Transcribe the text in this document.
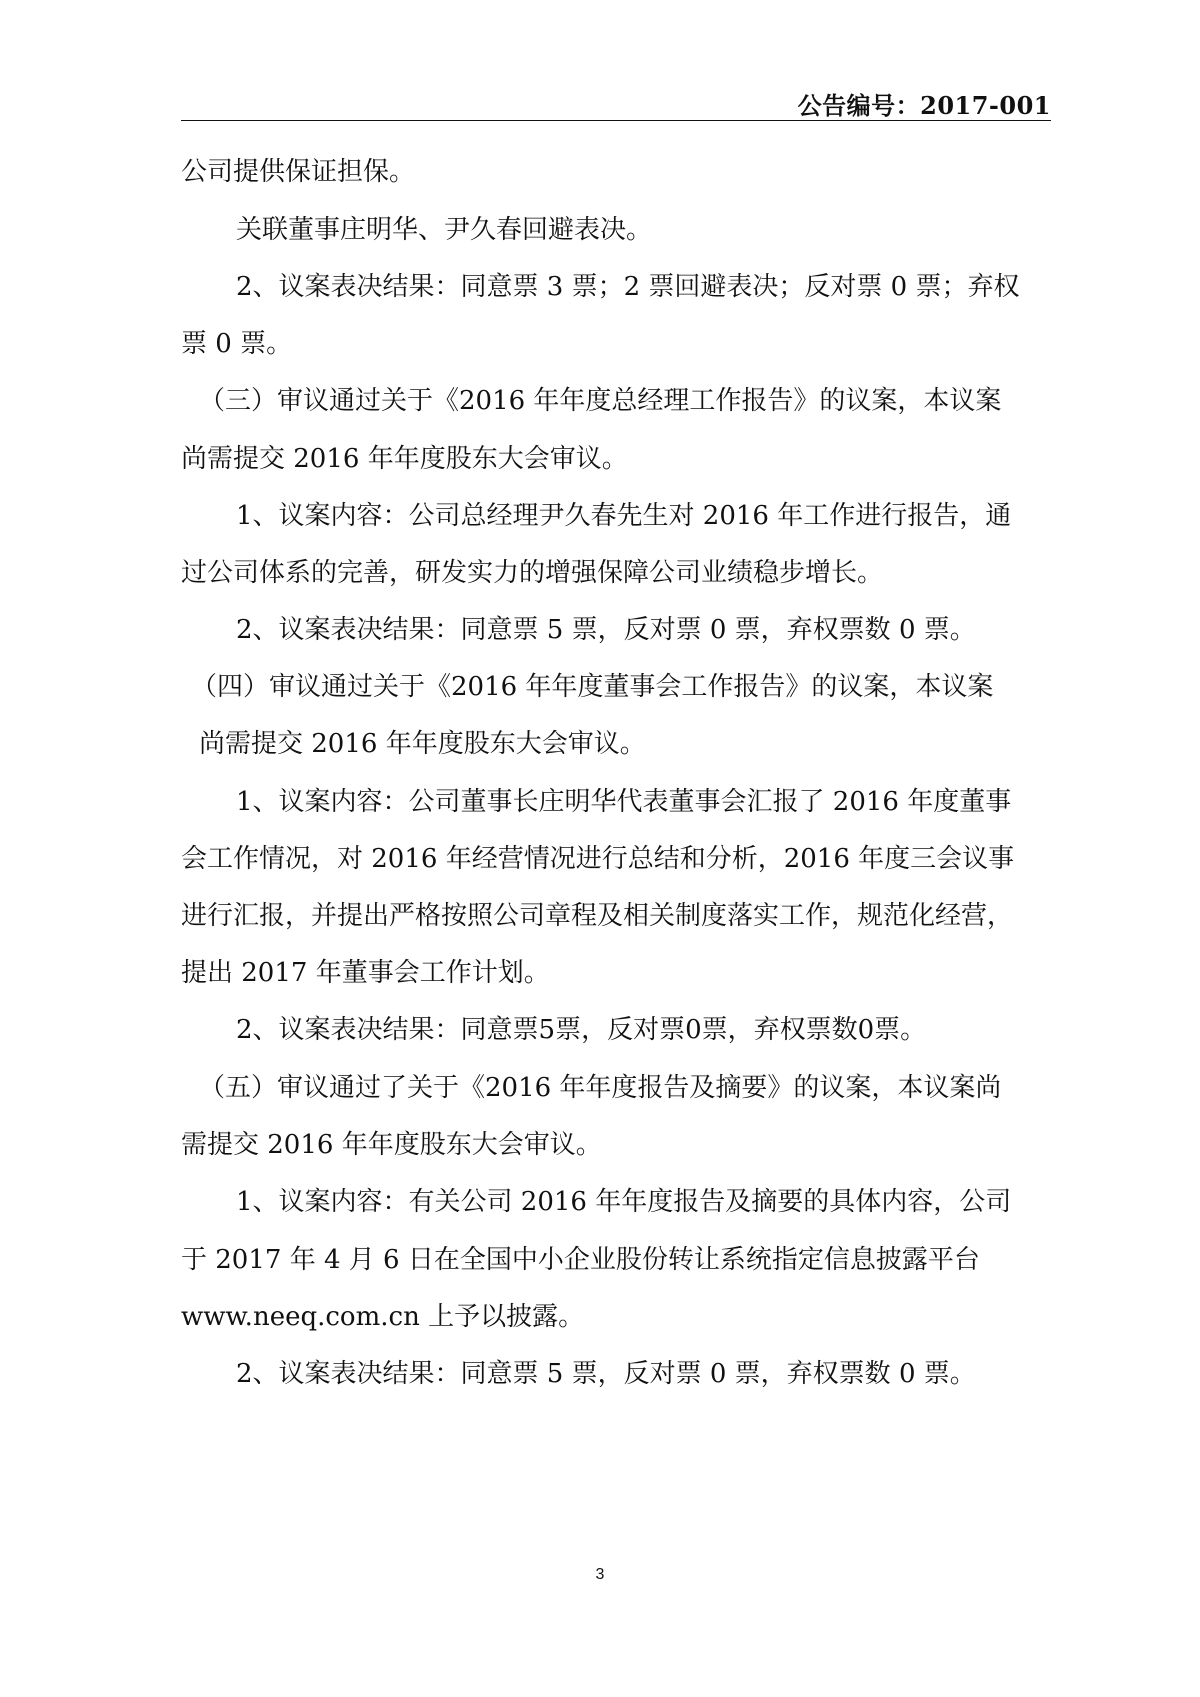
公告编号：2017-001
公司提供保证担保。
关联董事庄明华、尹久春回避表决。
2、议案表决结果：同意票 3 票；2 票回避表决；反对票 0 票；弃权
票 0 票。
（三）审议通过关于《2016 年年度总经理工作报告》的议案，本议案
尚需提交 2016 年年度股东大会审议。
1、议案内容：公司总经理尹久春先生对 2016 年工作进行报告，通
过公司体系的完善，研发实力的增强保障公司业绩稳步增长。
2、议案表决结果：同意票 5 票，反对票 0 票，弃权票数 0 票。
（四）审议通过关于《2016 年年度董事会工作报告》的议案，本议案
尚需提交 2016 年年度股东大会审议。
1、议案内容：公司董事长庄明华代表董事会汇报了 2016 年度董事
会工作情况，对 2016 年经营情况进行总结和分析，2016 年度三会议事
进行汇报，并提出严格按照公司章程及相关制度落实工作，规范化经营，
提出 2017 年董事会工作计划。
2、议案表决结果：同意票5票，反对票0票，弃权票数0票。
（五）审议通过了关于《2016 年年度报告及摘要》的议案，本议案尚
需提交 2016 年年度股东大会审议。
1、议案内容：有关公司 2016 年年度报告及摘要的具体内容，公司
于 2017 年 4 月 6 日在全国中小企业股份转让系统指定信息披露平台
www.neeq.com.cn 上予以披露。
2、议案表决结果：同意票 5 票，反对票 0 票，弃权票数 0 票。
3
